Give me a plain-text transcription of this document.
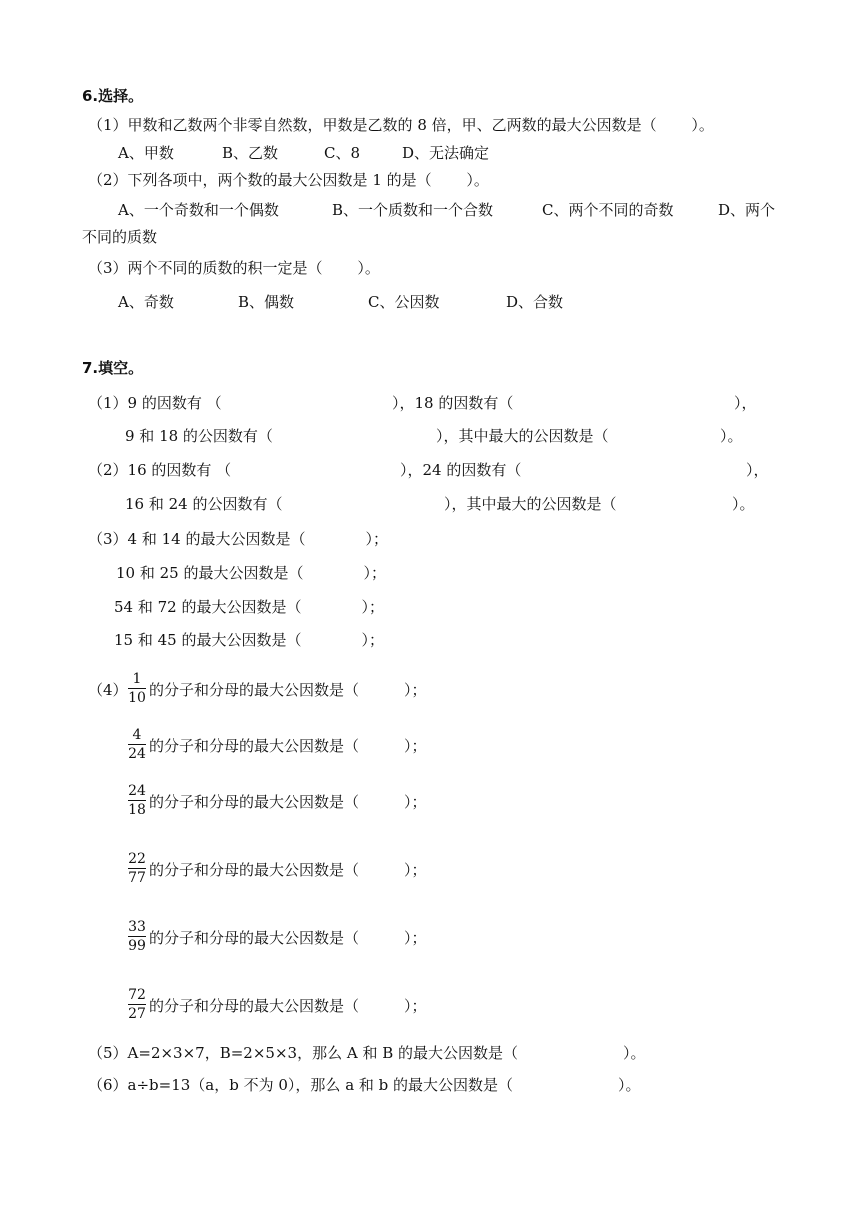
6.选择。
（1）甲数和乙数两个非零自然数，甲数是乙数的 8 倍，甲、乙两数的最大公因数是（　　 ）。
A、甲数	B、乙数	C、8	D、无法确定
（2）下列各项中，两个数的最大公因数是 1 的是（　　 ）。
A、一个奇数和一个偶数	B、一个质数和一个合数	C、两个不同的奇数	D、两个
不同的质数
（3）两个不同的质数的积一定是（　　 ）。
A、奇数	B、偶数	C、公因数	D、合数
7.填空。
（1）9 的因数有 （	），18 的因数有（	），
9 和 18 的公因数有（	），其中最大的公因数是（	）。
（2）16 的因数有 （	），24 的因数有（	），
16 和 24 的公因数有（	），其中最大的公因数是（	）。
（3）4 和 14 的最大公因数是（　　　　）；
10 和 25 的最大公因数是（　　　　）；
54 和 72 的最大公因数是（　　　　）；
15 和 45 的最大公因数是（　　　　）；
（4）
1
10 的分子和分母的最大公因数是（　　　）；
4
24 的分子和分母的最大公因数是（　　　）；
24
18 的分子和分母的最大公因数是（　　　）；
22
77 的分子和分母的最大公因数是（　　　）；
33
99 的分子和分母的最大公因数是（　　　）；
72
27 的分子和分母的最大公因数是（　　　）；
（5）A=2×3×7，B=2×5×3，那么 A 和 B 的最大公因数是（　　　　　　　）。
（6）a÷b=13（a，b 不为 0），那么 a 和 b 的最大公因数是（　　　　　　　）。
